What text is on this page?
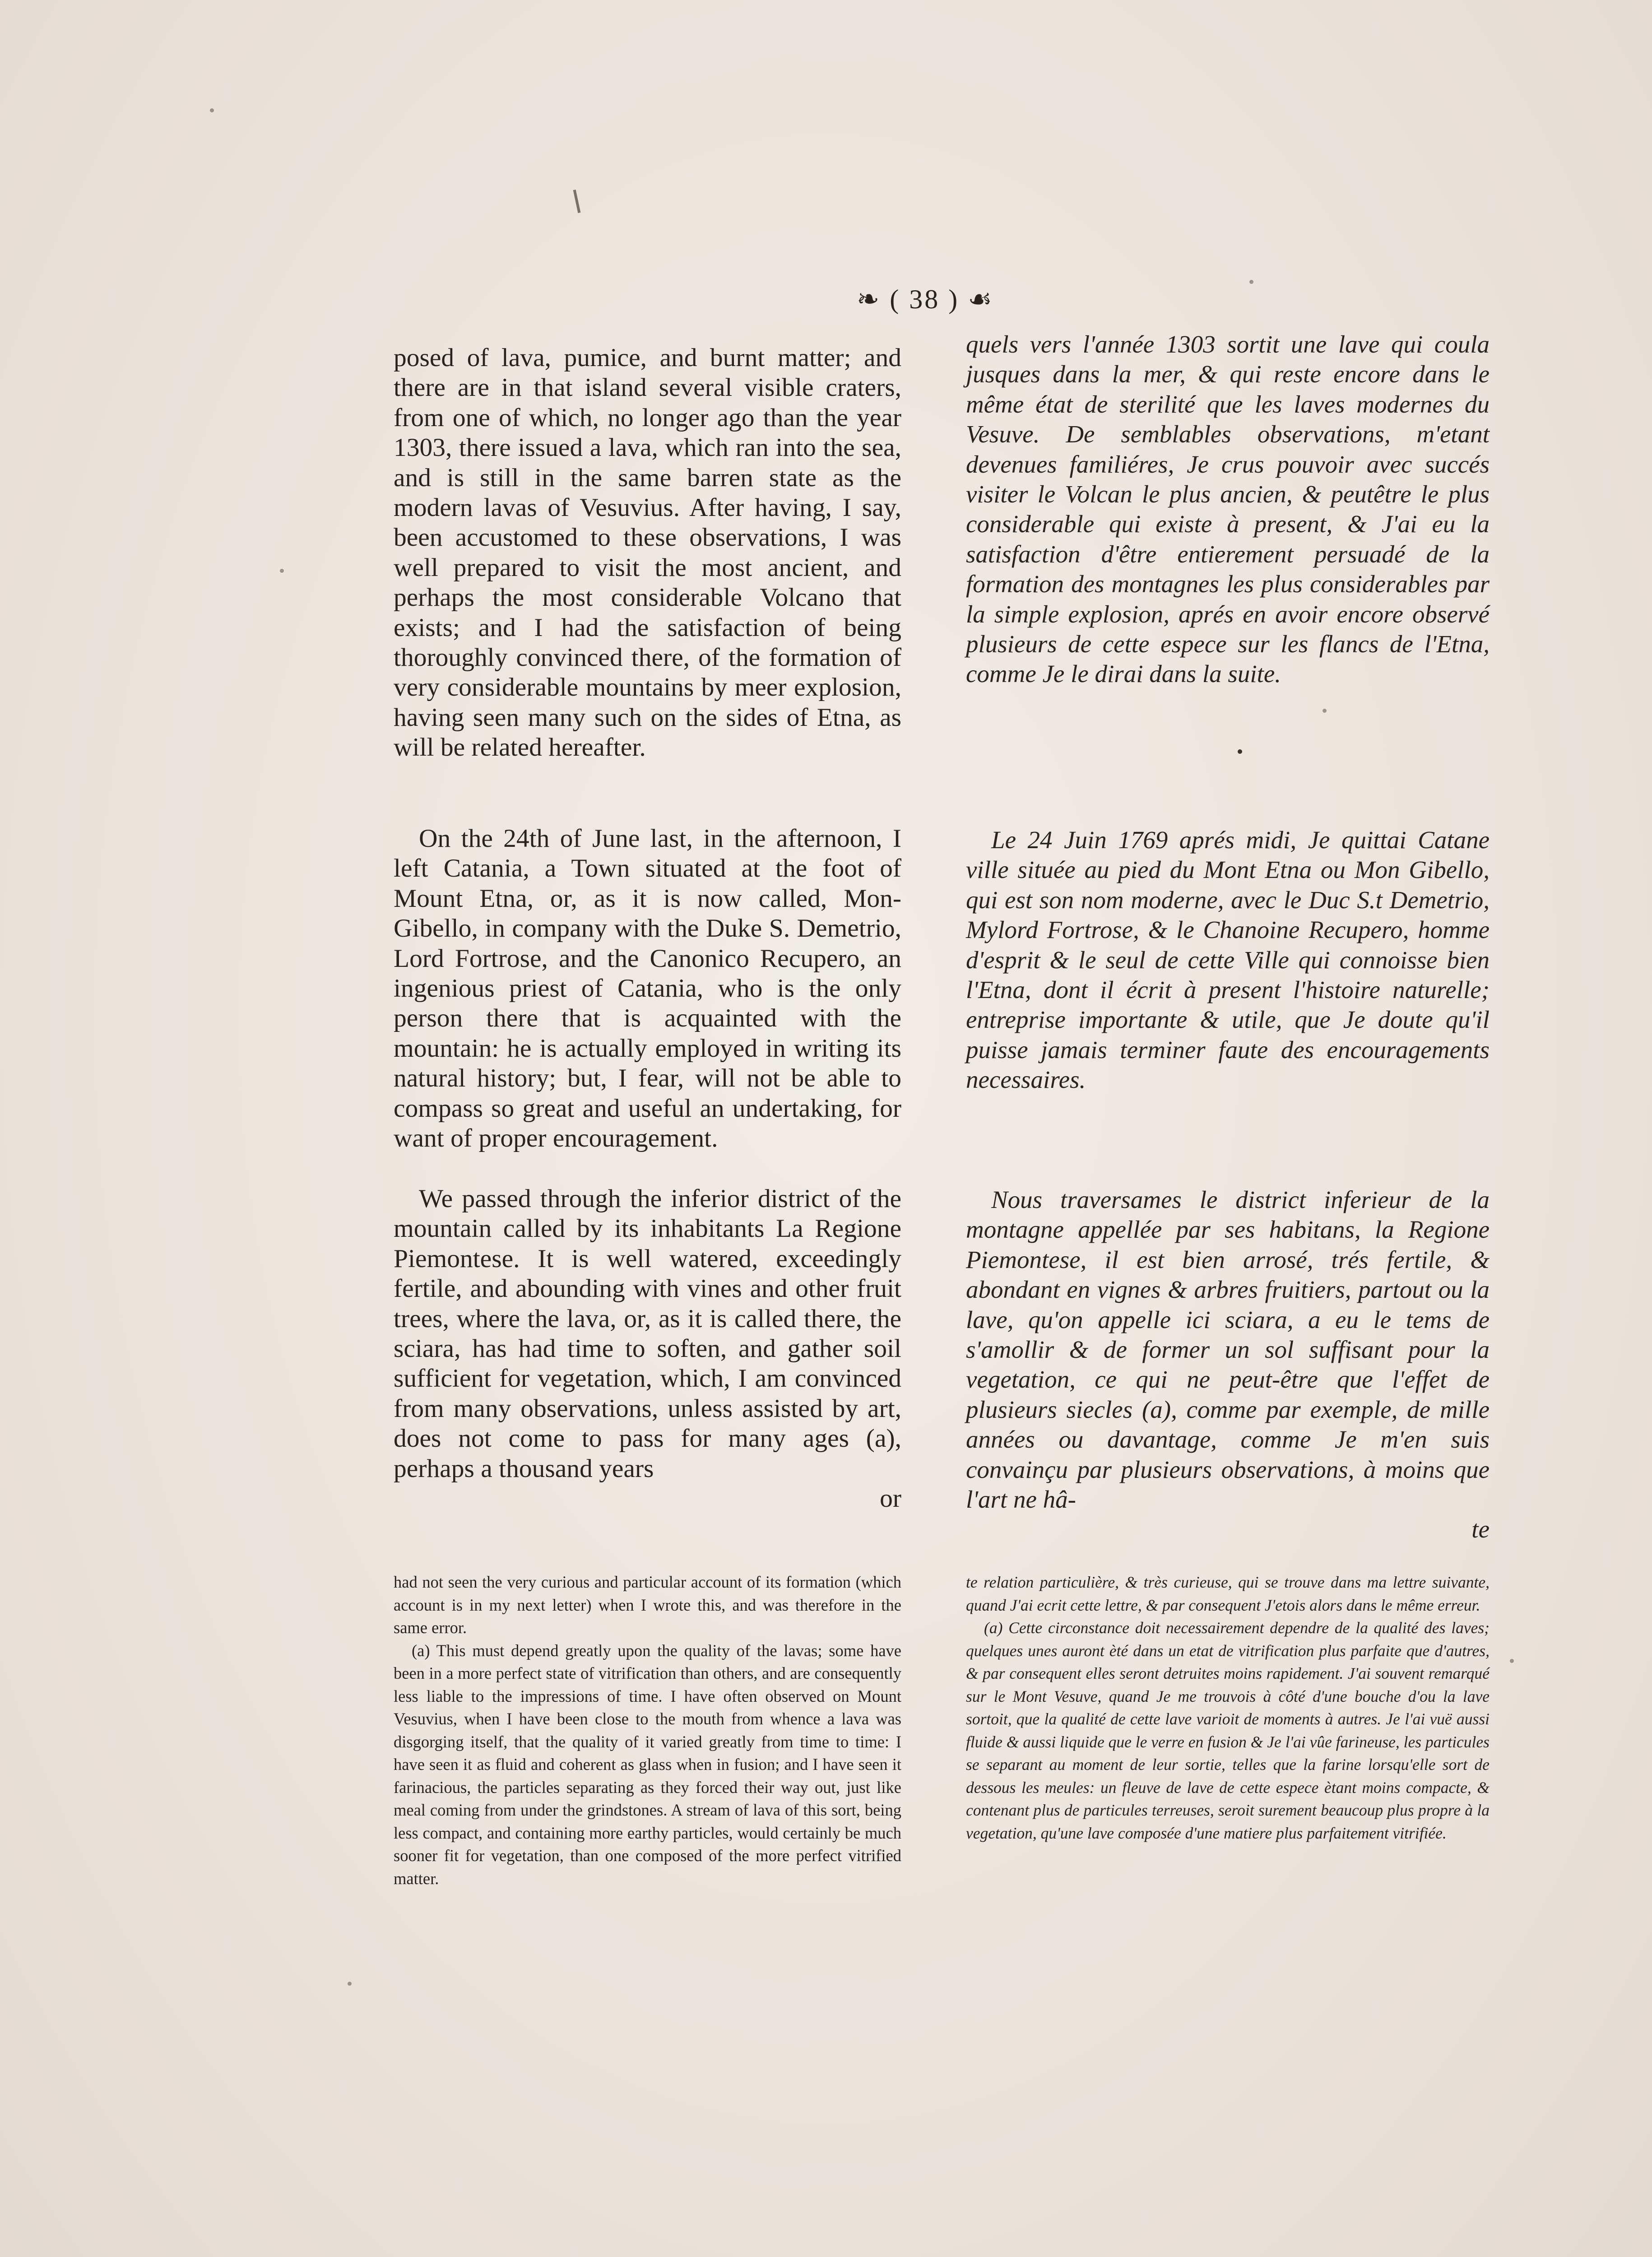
❧ ( 38 ) ☙

posed of lava, pumice, and burnt matter; and there are in that island several visible craters, from one of which, no longer ago than the year 1303, there issued a lava, which ran into the sea, and is still in the same barren state as the modern lavas of Vesuvius. After having, I say, been accustomed to these observations, I was well prepared to visit the most ancient, and perhaps the most considerable Volcano that exists; and I had the satisfaction of being thoroughly convinced there, of the formation of very considerable mountains by meer explosion, having seen many such on the sides of Etna, as will be related hereafter.

On the 24th of June last, in the afternoon, I left Catania, a Town situated at the foot of Mount Etna, or, as it is now called, Mon-Gibello, in company with the Duke S. Demetrio, Lord Fortrose, and the Canonico Recupero, an ingenious priest of Catania, who is the only person there that is acquainted with the mountain: he is actually employed in writing its natural history; but, I fear, will not be able to compass so great and useful an undertaking, for want of proper encouragement.

We passed through the inferior district of the mountain called by its inhabitants La Regione Piemontese. It is well watered, exceedingly fertile, and abounding with vines and other fruit trees, where the lava, or, as it is called there, the sciara, has had time to soften, and gather soil sufficient for vegetation, which, I am convinced from many observations, unless assisted by art, does not come to pass for many ages (a), perhaps a thousand years

or

quels vers l'année 1303 sortit une lave qui coula jusques dans la mer, & qui reste encore dans le même état de sterilité que les laves modernes du Vesuve. De semblables observations, m'etant devenues familiéres, Je crus pouvoir avec succés visiter le Volcan le plus ancien, & peutêtre le plus considerable qui existe à present, & J'ai eu la satisfaction d'être entierement persuadé de la formation des montagnes les plus considerables par la simple explosion, aprés en avoir encore observé plusieurs de cette espece sur les flancs de l'Etna, comme Je le dirai dans la suite.

Le 24 Juin 1769 aprés midi, Je quittai Catane ville située au pied du Mont Etna ou Mon Gibello, qui est son nom moderne, avec le Duc S.t Demetrio, Mylord Fortrose, & le Chanoine Recupero, homme d'esprit & le seul de cette Ville qui connoisse bien l'Etna, dont il écrit à present l'histoire naturelle; entreprise importante & utile, que Je doute qu'il puisse jamais terminer faute des encouragements necessaires.

Nous traversames le district inferieur de la montagne appellée par ses habitans, la Regione Piemontese, il est bien arrosé, trés fertile, & abondant en vignes & arbres fruitiers, partout ou la lave, qu'on appelle ici sciara, a eu le tems de s'amollir & de former un sol suffisant pour la vegetation, ce qui ne peut-être que l'effet de plusieurs siecles (a), comme par exemple, de mille années ou davantage, comme Je m'en suis convainçu par plusieurs observations, à moins que l'art ne hâ-

te

had not seen the very curious and particular account of its formation (which account is in my next letter) when I wrote this, and was therefore in the same error.

(a) This must depend greatly upon the quality of the lavas; some have been in a more perfect state of vitrification than others, and are consequently less liable to the impressions of time. I have often observed on Mount Vesuvius, when I have been close to the mouth from whence a lava was disgorging itself, that the quality of it varied greatly from time to time: I have seen it as fluid and coherent as glass when in fusion; and I have seen it farinacious, the particles separating as they forced their way out, just like meal coming from under the grindstones. A stream of lava of this sort, being less compact, and containing more earthy particles, would certainly be much sooner fit for vegetation, than one composed of the more perfect vitrified matter.

te relation particulière, & très curieuse, qui se trouve dans ma lettre suivante, quand J'ai ecrit cette lettre, & par consequent J'etois alors dans le même erreur.

(a) Cette circonstance doit necessairement dependre de la qualité des laves; quelques unes auront èté dans un etat de vitrification plus parfaite que d'autres, & par consequent elles seront detruites moins rapidement. J'ai souvent remarqué sur le Mont Vesuve, quand Je me trouvois à côté d'une bouche d'ou la lave sortoit, que la qualité de cette lave varioit de moments à autres. Je l'ai vuë aussi fluide & aussi liquide que le verre en fusion & Je l'ai vûe farineuse, les particules se separant au moment de leur sortie, telles que la farine lorsqu'elle sort de dessous les meules: un fleuve de lave de cette espece ètant moins compacte, & contenant plus de particules terreuses, seroit surement beaucoup plus propre à la vegetation, qu'une lave composée d'une matiere plus parfaitement vitrifiée.
